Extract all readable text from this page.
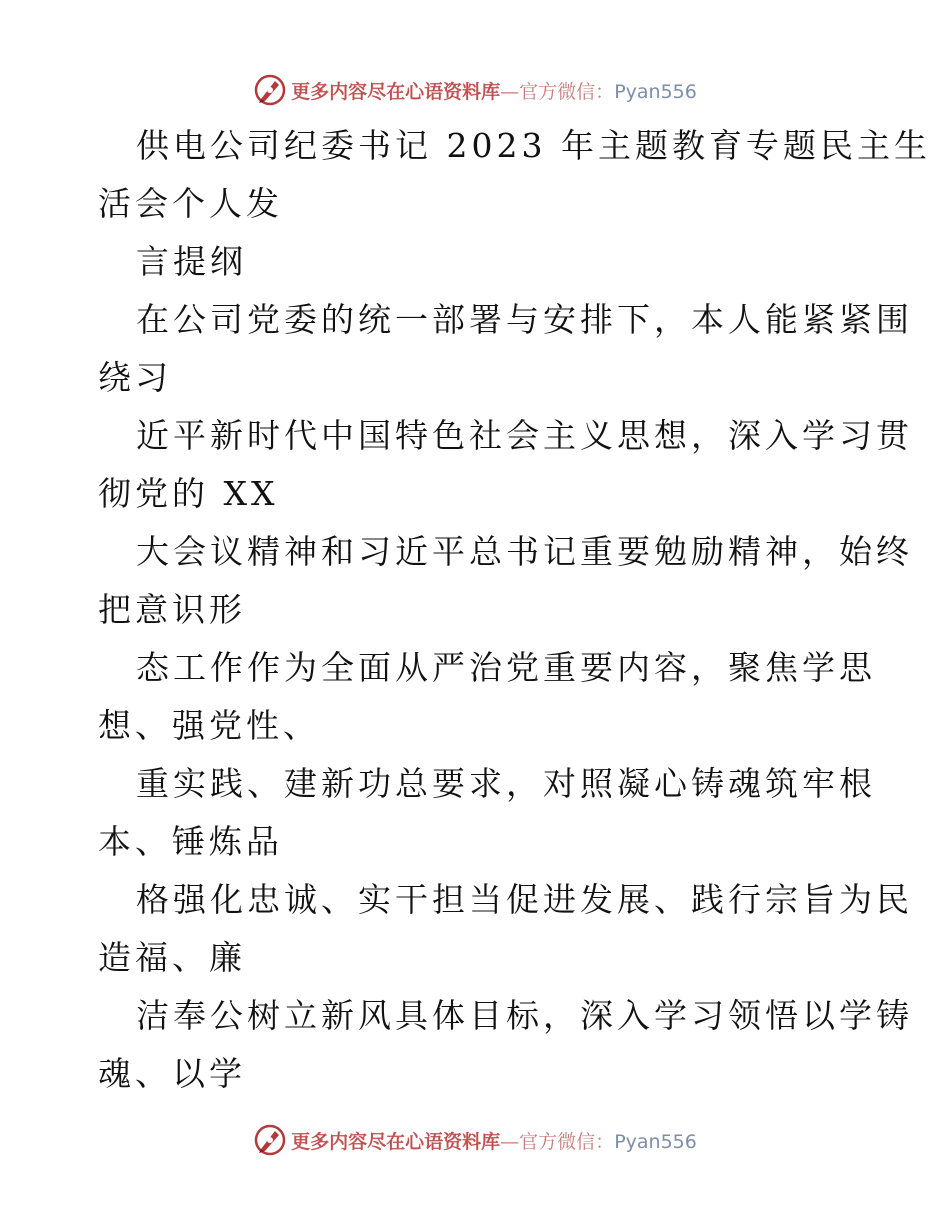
更多内容尽在心语资料库—官方微信：Pyan556
供电公司纪委书记 2023 年主题教育专题民主生
活会个人发
言提纲
在公司党委的统一部署与安排下，本人能紧紧围
绕习
近平新时代中国特色社会主义思想，深入学习贯
彻党的 XX
大会议精神和习近平总书记重要勉励精神，始终
把意识形
态工作作为全面从严治党重要内容，聚焦学思
想、强党性、
重实践、建新功总要求，对照凝心铸魂筑牢根
本、锤炼品
格强化忠诚、实干担当促进发展、践行宗旨为民
造福、廉
洁奉公树立新风具体目标，深入学习领悟以学铸
魂、以学
更多内容尽在心语资料库—官方微信：Pyan556
